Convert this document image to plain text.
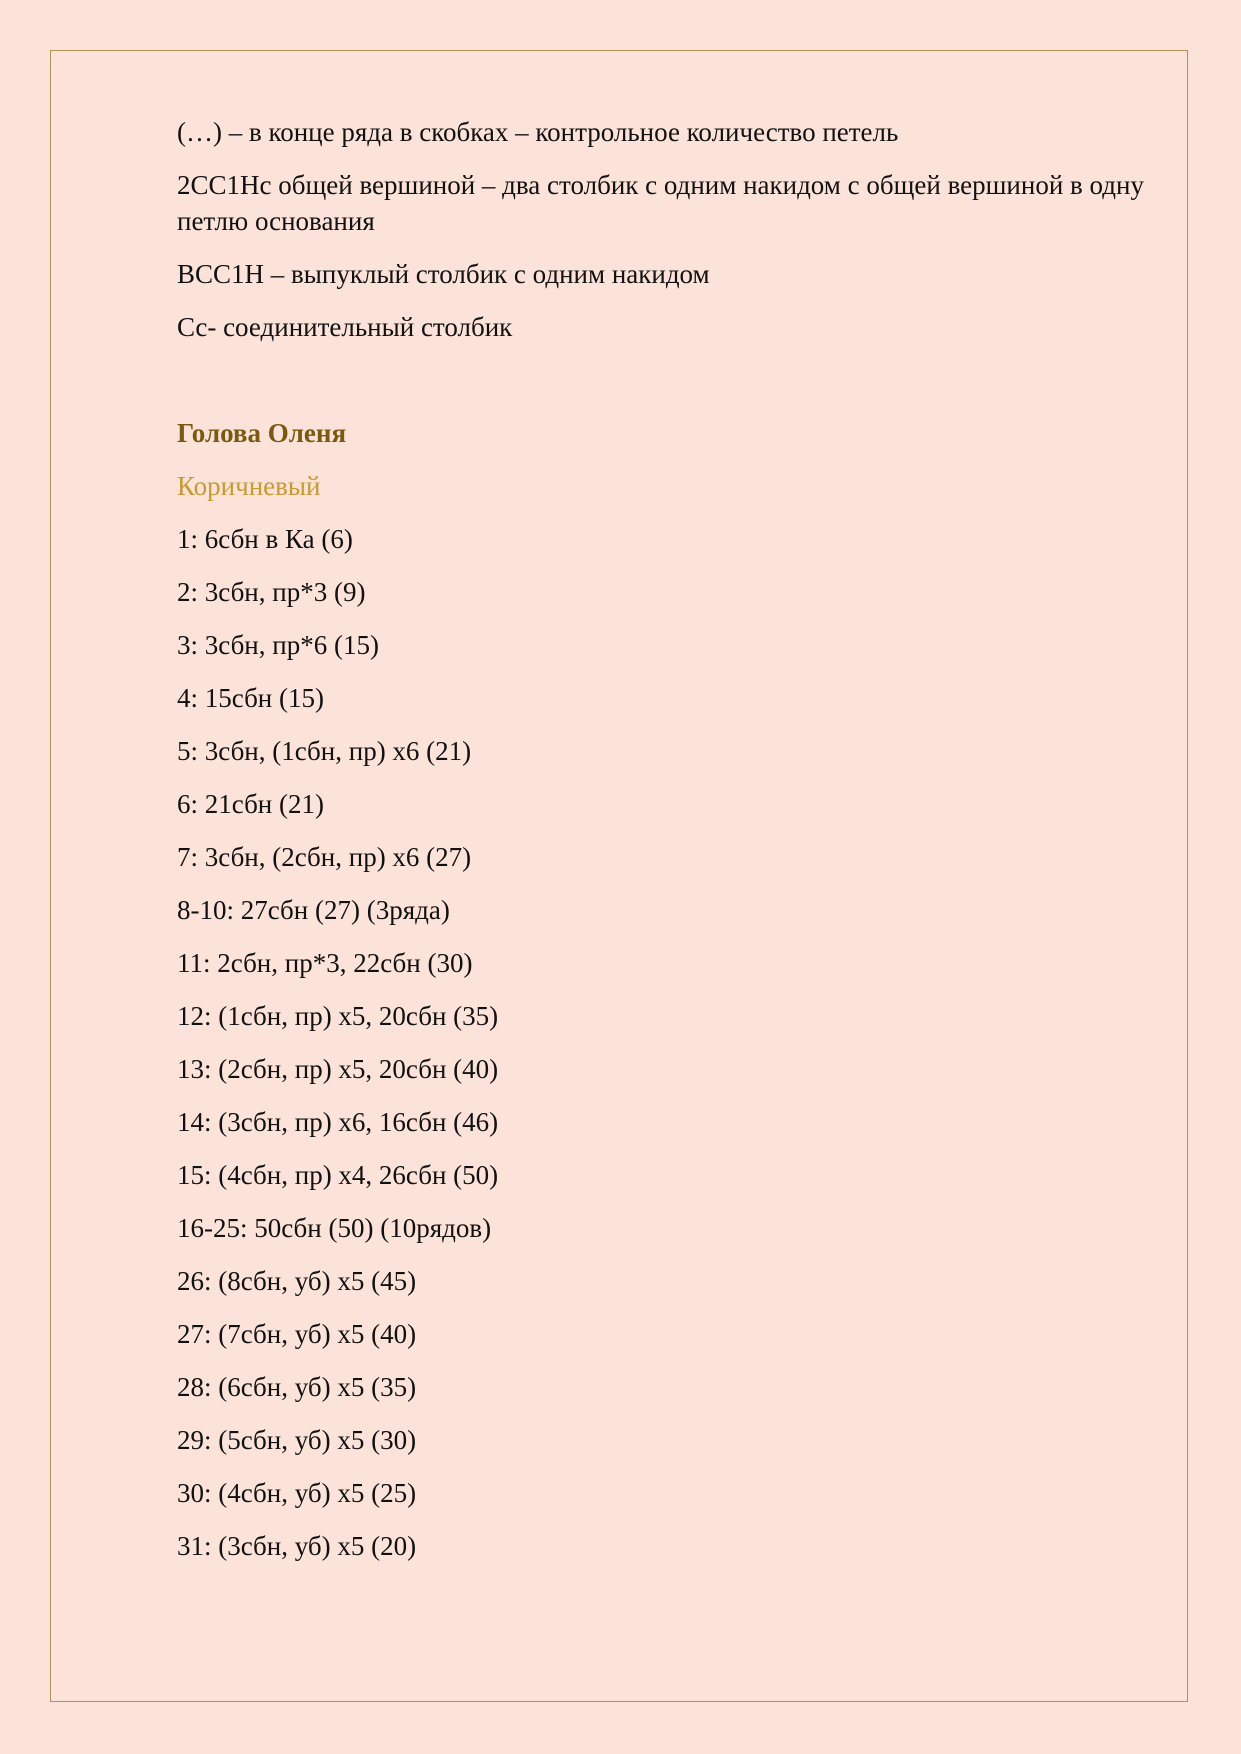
(…) – в конце ряда в скобках – контрольное количество петель

2СС1Нс общей вершиной – два столбик с одним накидом с общей вершиной в одну петлю основания

ВСС1Н – выпуклый столбик с одним накидом

Сс- соединительный столбик

Голова Оленя

Коричневый

1: 6сбн в Ка (6)

2: 3сбн, пр*3 (9)

3: 3сбн, пр*6 (15)

4: 15сбн (15)

5: 3сбн, (1сбн, пр) х6 (21)

6: 21сбн (21)

7: 3сбн, (2сбн, пр) х6 (27)

8-10: 27сбн (27) (3ряда)

11: 2сбн, пр*3, 22сбн (30)

12: (1сбн, пр) х5, 20сбн (35)

13: (2сбн, пр) х5, 20сбн (40)

14: (3сбн, пр) х6, 16сбн (46)

15: (4сбн, пр) х4, 26сбн (50)

16-25: 50сбн (50) (10рядов)

26: (8сбн, уб) х5 (45)

27: (7сбн, уб) х5 (40)

28: (6сбн, уб) х5 (35)

29: (5сбн, уб) х5 (30)

30: (4сбн, уб) х5 (25)

31: (3сбн, уб) х5 (20)
